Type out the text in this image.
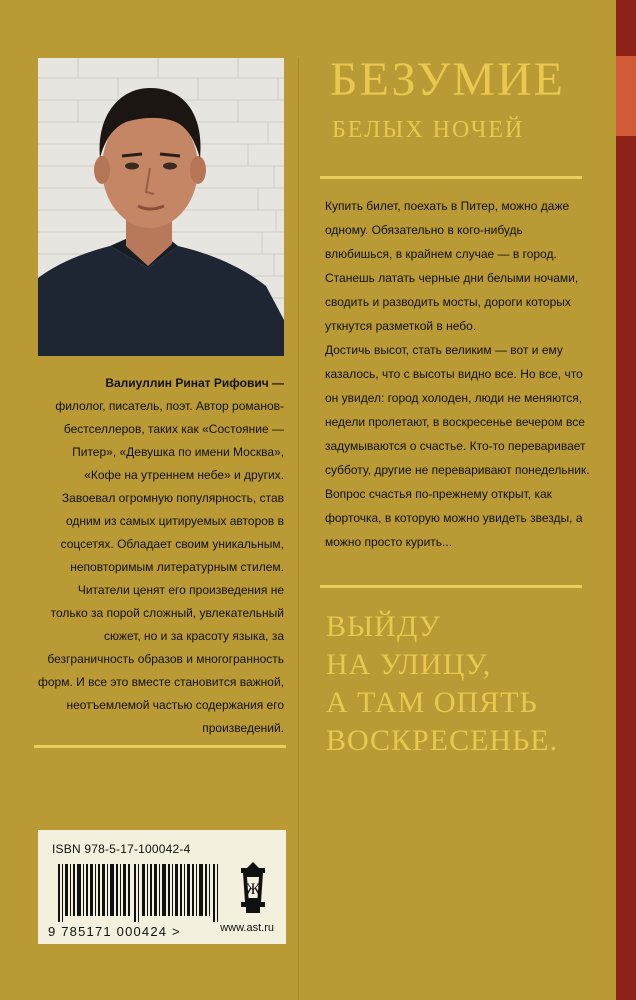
Валиуллин Ринат Рифович —

филолог, писатель, поэт. Автор романов-бестселлеров, таких как «Состояние — Питер», «Девушка по имени Москва», «Кофе на утреннем небе» и других.

Завоевал огромную популярность, став одним из самых цитируемых авторов в соцсетях. Обладает своим уникальным, неповторимым литературным стилем.

Читатели ценят его произведения не только за порой сложный, увлекательный сюжет, но и за красоту языка, за безграничность образов и многогранность форм. И все это вместе становится важной, неотъемлемой частью содержания его произведений.

ISBN 978-5-17-100042-4
9 785171 000424 >
Ж
www.ast.ru
БЕЗУМИЕ
БЕЛЫХ НОЧЕЙ

Купить билет, поехать в Питер, можно даже одному. Обязательно в кого-нибудь влюбишься, в крайнем случае — в город. Станешь латать черные дни белыми ночами, сводить и разводить мосты, дороги которых уткнутся разметкой в небо.

Достичь высот, стать великим — вот и ему казалось, что с высоты видно все. Но все, что он увидел: город холоден, люди не меняются, недели пролетают, в воскресенье вечером все задумываются о счастье. Кто-то переваривает субботу, другие не переваривают понедельник. Вопрос счастья по-прежнему открыт, как форточка, в которую можно увидеть звезды, а можно просто курить...

ВЫЙДУ
НА УЛИЦУ,
А ТАМ ОПЯТЬ
ВОСКРЕСЕНЬЕ.
